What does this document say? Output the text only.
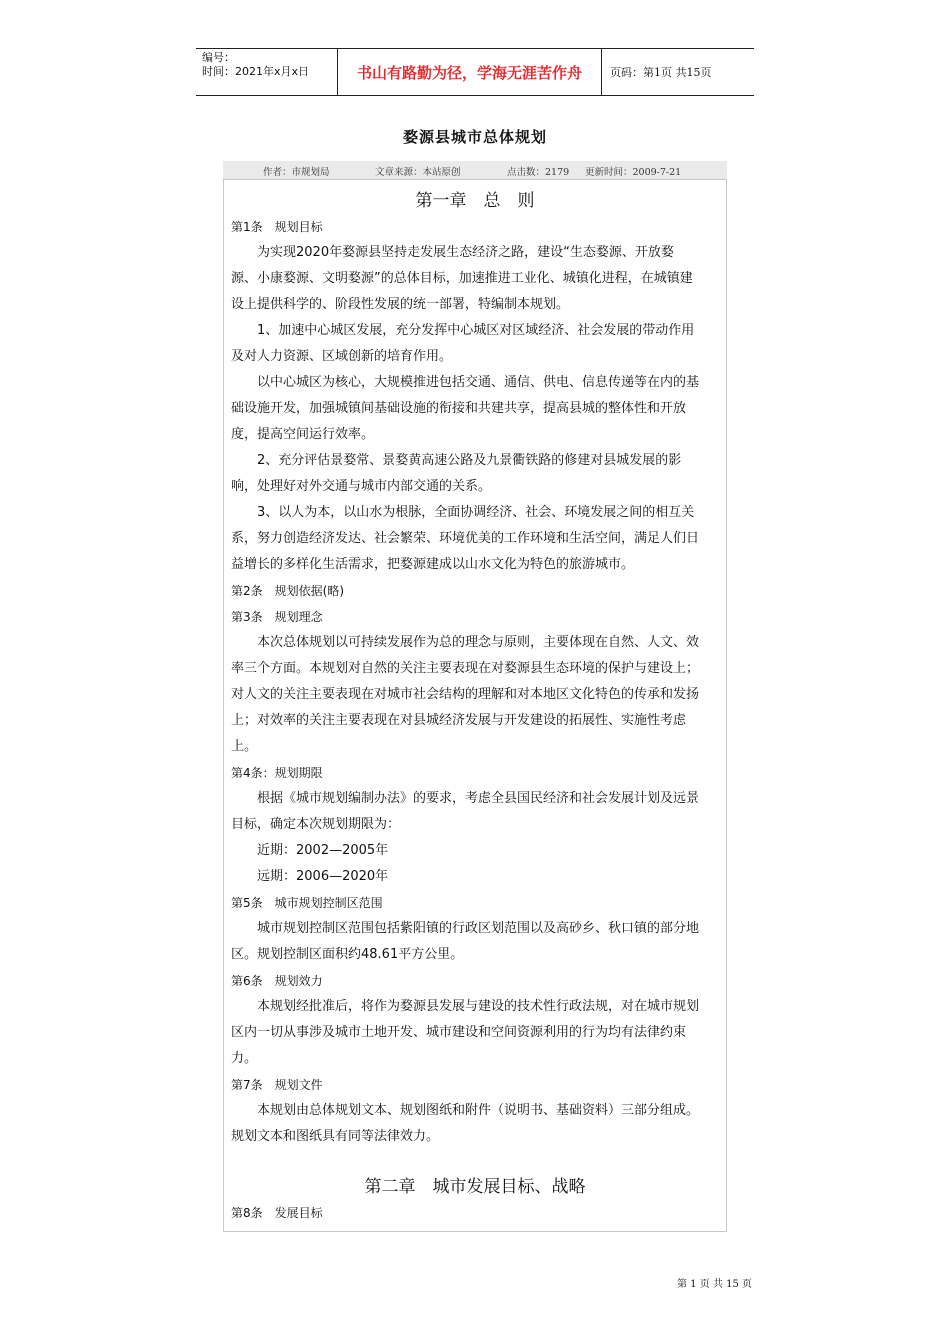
编号：
时间：2021年x月x日	书山有路勤为径，学海无涯苦作舟	页码：第1页 共15页
婺源县城市总体规划
作者：市规划局	文章来源：本站原创	点击数：2179 更新时间：2009-7-21
第一章　总　则
第1条　规划目标

为实现2020年婺源县坚持走发展生态经济之路，建设“生态婺源、开放婺
源、小康婺源、文明婺源”的总体目标，加速推进工业化、城镇化进程，在城镇建
设上提供科学的、阶段性发展的统一部署，特编制本规划。

1、加速中心城区发展，充分发挥中心城区对区域经济、社会发展的带动作用
及对人力资源、区域创新的培育作用。

以中心城区为核心，大规模推进包括交通、通信、供电、信息传递等在内的基
础设施开发，加强城镇间基础设施的衔接和共建共享，提高县城的整体性和开放
度，提高空间运行效率。

2、充分评估景婺常、景婺黄高速公路及九景衢铁路的修建对县城发展的影
响，处理好对外交通与城市内部交通的关系。

3、以人为本，以山水为根脉，全面协调经济、社会、环境发展之间的相互关
系，努力创造经济发达、社会繁荣、环境优美的工作环境和生活空间，满足人们日
益增长的多样化生活需求，把婺源建成以山水文化为特色的旅游城市。

第2条　规划依据(略)
第3条　规划理念

本次总体规划以可持续发展作为总的理念与原则，主要体现在自然、人文、效
率三个方面。本规划对自然的关注主要表现在对婺源县生态环境的保护与建设上；
对人文的关注主要表现在对城市社会结构的理解和对本地区文化特色的传承和发扬
上；对效率的关注主要表现在对县城经济发展与开发建设的拓展性、实施性考虑
上。

第4条：规划期限

根据《城市规划编制办法》的要求，考虑全县国民经济和社会发展计划及远景
目标，确定本次规划期限为：

近期：2002—2005年

远期：2006—2020年

第5条　城市规划控制区范围

城市规划控制区范围包括紫阳镇的行政区划范围以及高砂乡、秋口镇的部分地
区。规划控制区面积约48.61平方公里。

第6条　规划效力

本规划经批准后，将作为婺源县发展与建设的技术性行政法规，对在城市规划
区内一切从事涉及城市土地开发、城市建设和空间资源利用的行为均有法律约束
力。

第7条　规划文件

本规划由总体规划文本、规划图纸和附件（说明书、基础资料）三部分组成。
规划文本和图纸具有同等法律效力。

第二章　城市发展目标、战略
第8条　发展目标
第 1 页 共 15 页
